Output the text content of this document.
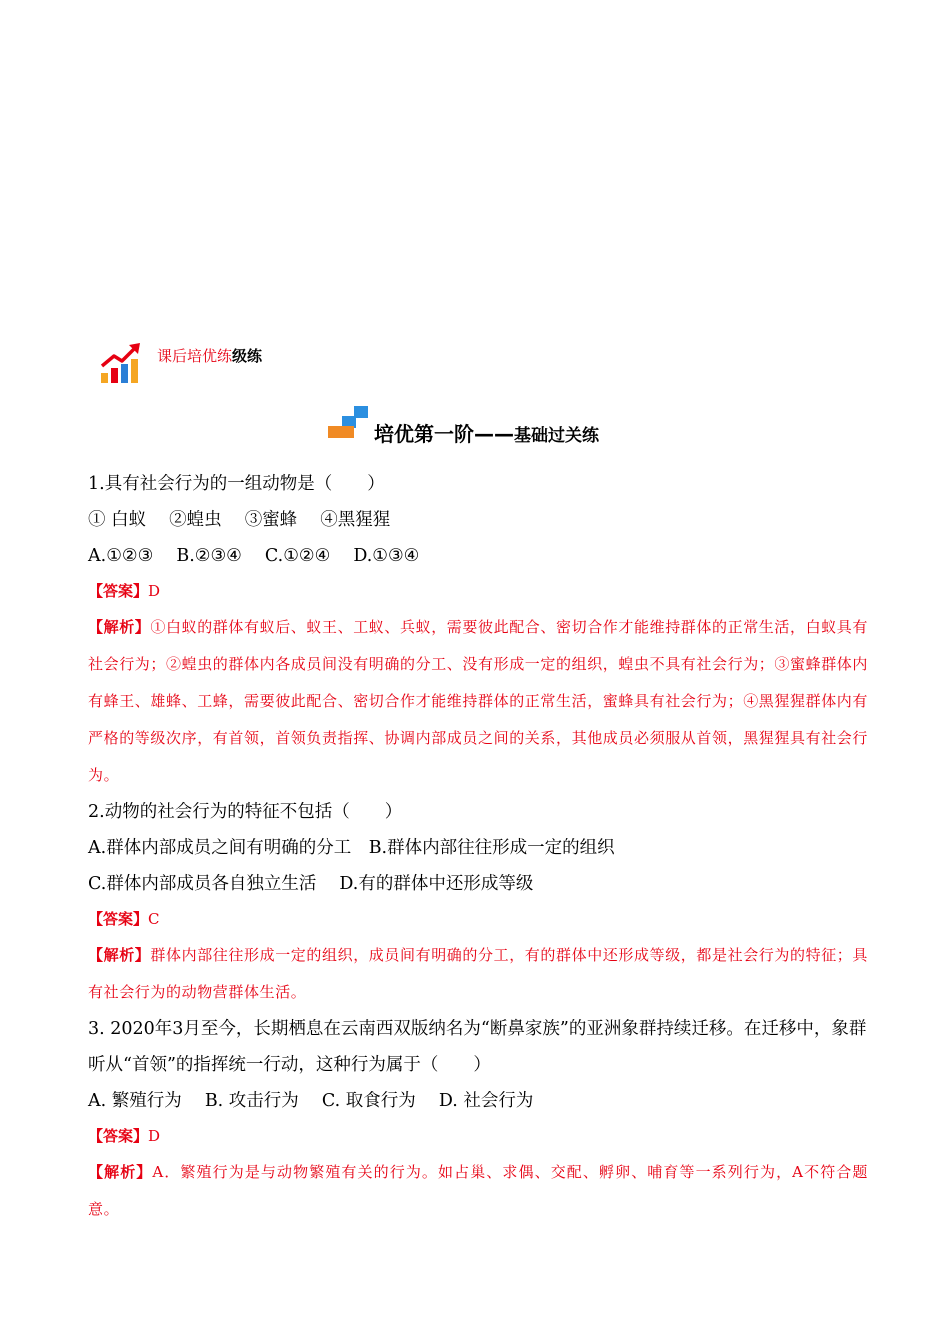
课后培优练级练
培优第一阶——基础过关练
1.具有社会行为的一组动物是（　　）
① 白蚁　 ②蝗虫　 ③蜜蜂　 ④黑猩猩
A.①②③　 B.②③④　 C.①②④　 D.①③④
【答案】D
【解析】①白蚁的群体有蚁后、蚁王、工蚁、兵蚁，需要彼此配合、密切合作才能维持群体的正常生活，白蚁具有社会行为；②蝗虫的群体内各成员间没有明确的分工、没有形成一定的组织，蝗虫不具有社会行为；③蜜蜂群体内有蜂王、雄蜂、工蜂，需要彼此配合、密切合作才能维持群体的正常生活，蜜蜂具有社会行为；④黑猩猩群体内有严格的等级次序，有首领，首领负责指挥、协调内部成员之间的关系，其他成员必须服从首领，黑猩猩具有社会行为。
2.动物的社会行为的特征不包括（　　）
A.群体内部成员之间有明确的分工　B.群体内部往往形成一定的组织
C.群体内部成员各自独立生活　 D.有的群体中还形成等级
【答案】C
【解析】群体内部往往形成一定的组织，成员间有明确的分工，有的群体中还形成等级，都是社会行为的特征；具有社会行为的动物营群体生活。
3. 2020年3月至今，长期栖息在云南西双版纳名为“断鼻家族”的亚洲象群持续迁移。在迁移中，象群听从“首领”的指挥统一行动，这种行为属于（　　）
A. 繁殖行为　 B. 攻击行为　 C. 取食行为　 D. 社会行为
【答案】D
【解析】A．繁殖行为是与动物繁殖有关的行为。如占巢、求偶、交配、孵卵、哺育等一系列行为，A不符合题意。
